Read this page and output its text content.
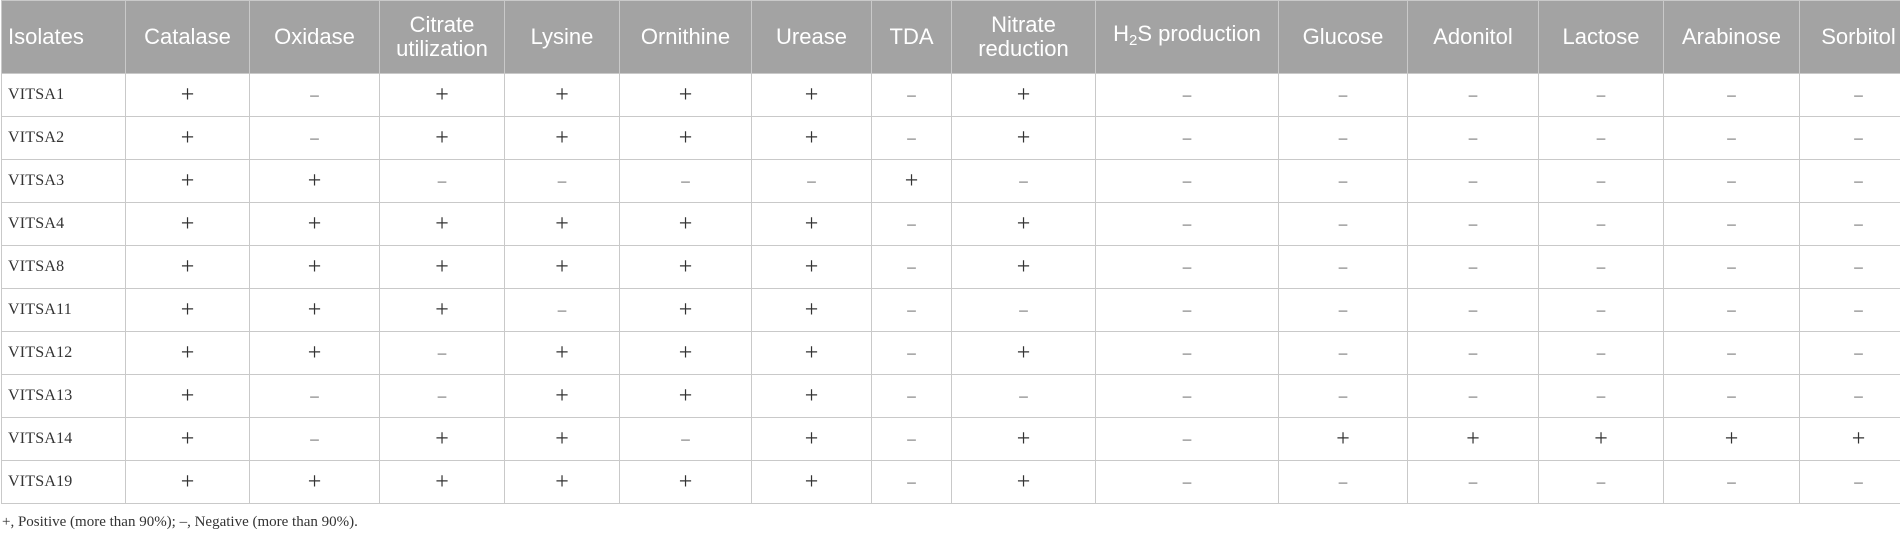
Isolates	Catalase	Oxidase	Citrate utilization	Lysine	Ornithine	Urease	TDA	Nitrate reduction	$H_2S$ production	Glucose	Adonitol	Lactose	Arabinose	Sorbitol
VITSA1	+	–	+	+	+	+	–	+	–	–	–	–	–	–
VITSA2	+	–	+	+	+	+	–	+	–	–	–	–	–	–
VITSA3	+	+	–	–	–	–	+	–	–	–	–	–	–	–
VITSA4	+	+	+	+	+	+	–	+	–	–	–	–	–	–
VITSA8	+	+	+	+	+	+	–	+	–	–	–	–	–	–
VITSA11	+	+	+	–	+	+	–	–	–	–	–	–	–	–
VITSA12	+	+	–	+	+	+	–	+	–	–	–	–	–	–
VITSA13	+	–	–	+	+	+	–	–	–	–	–	–	–	–
VITSA14	+	–	+	+	–	+	–	+	–	+	+	+	+	+
VITSA19	+	+	+	+	+	+	–	+	–	–	–	–	–	–
+, Positive (more than 90%); –, Negative (more than 90%).
